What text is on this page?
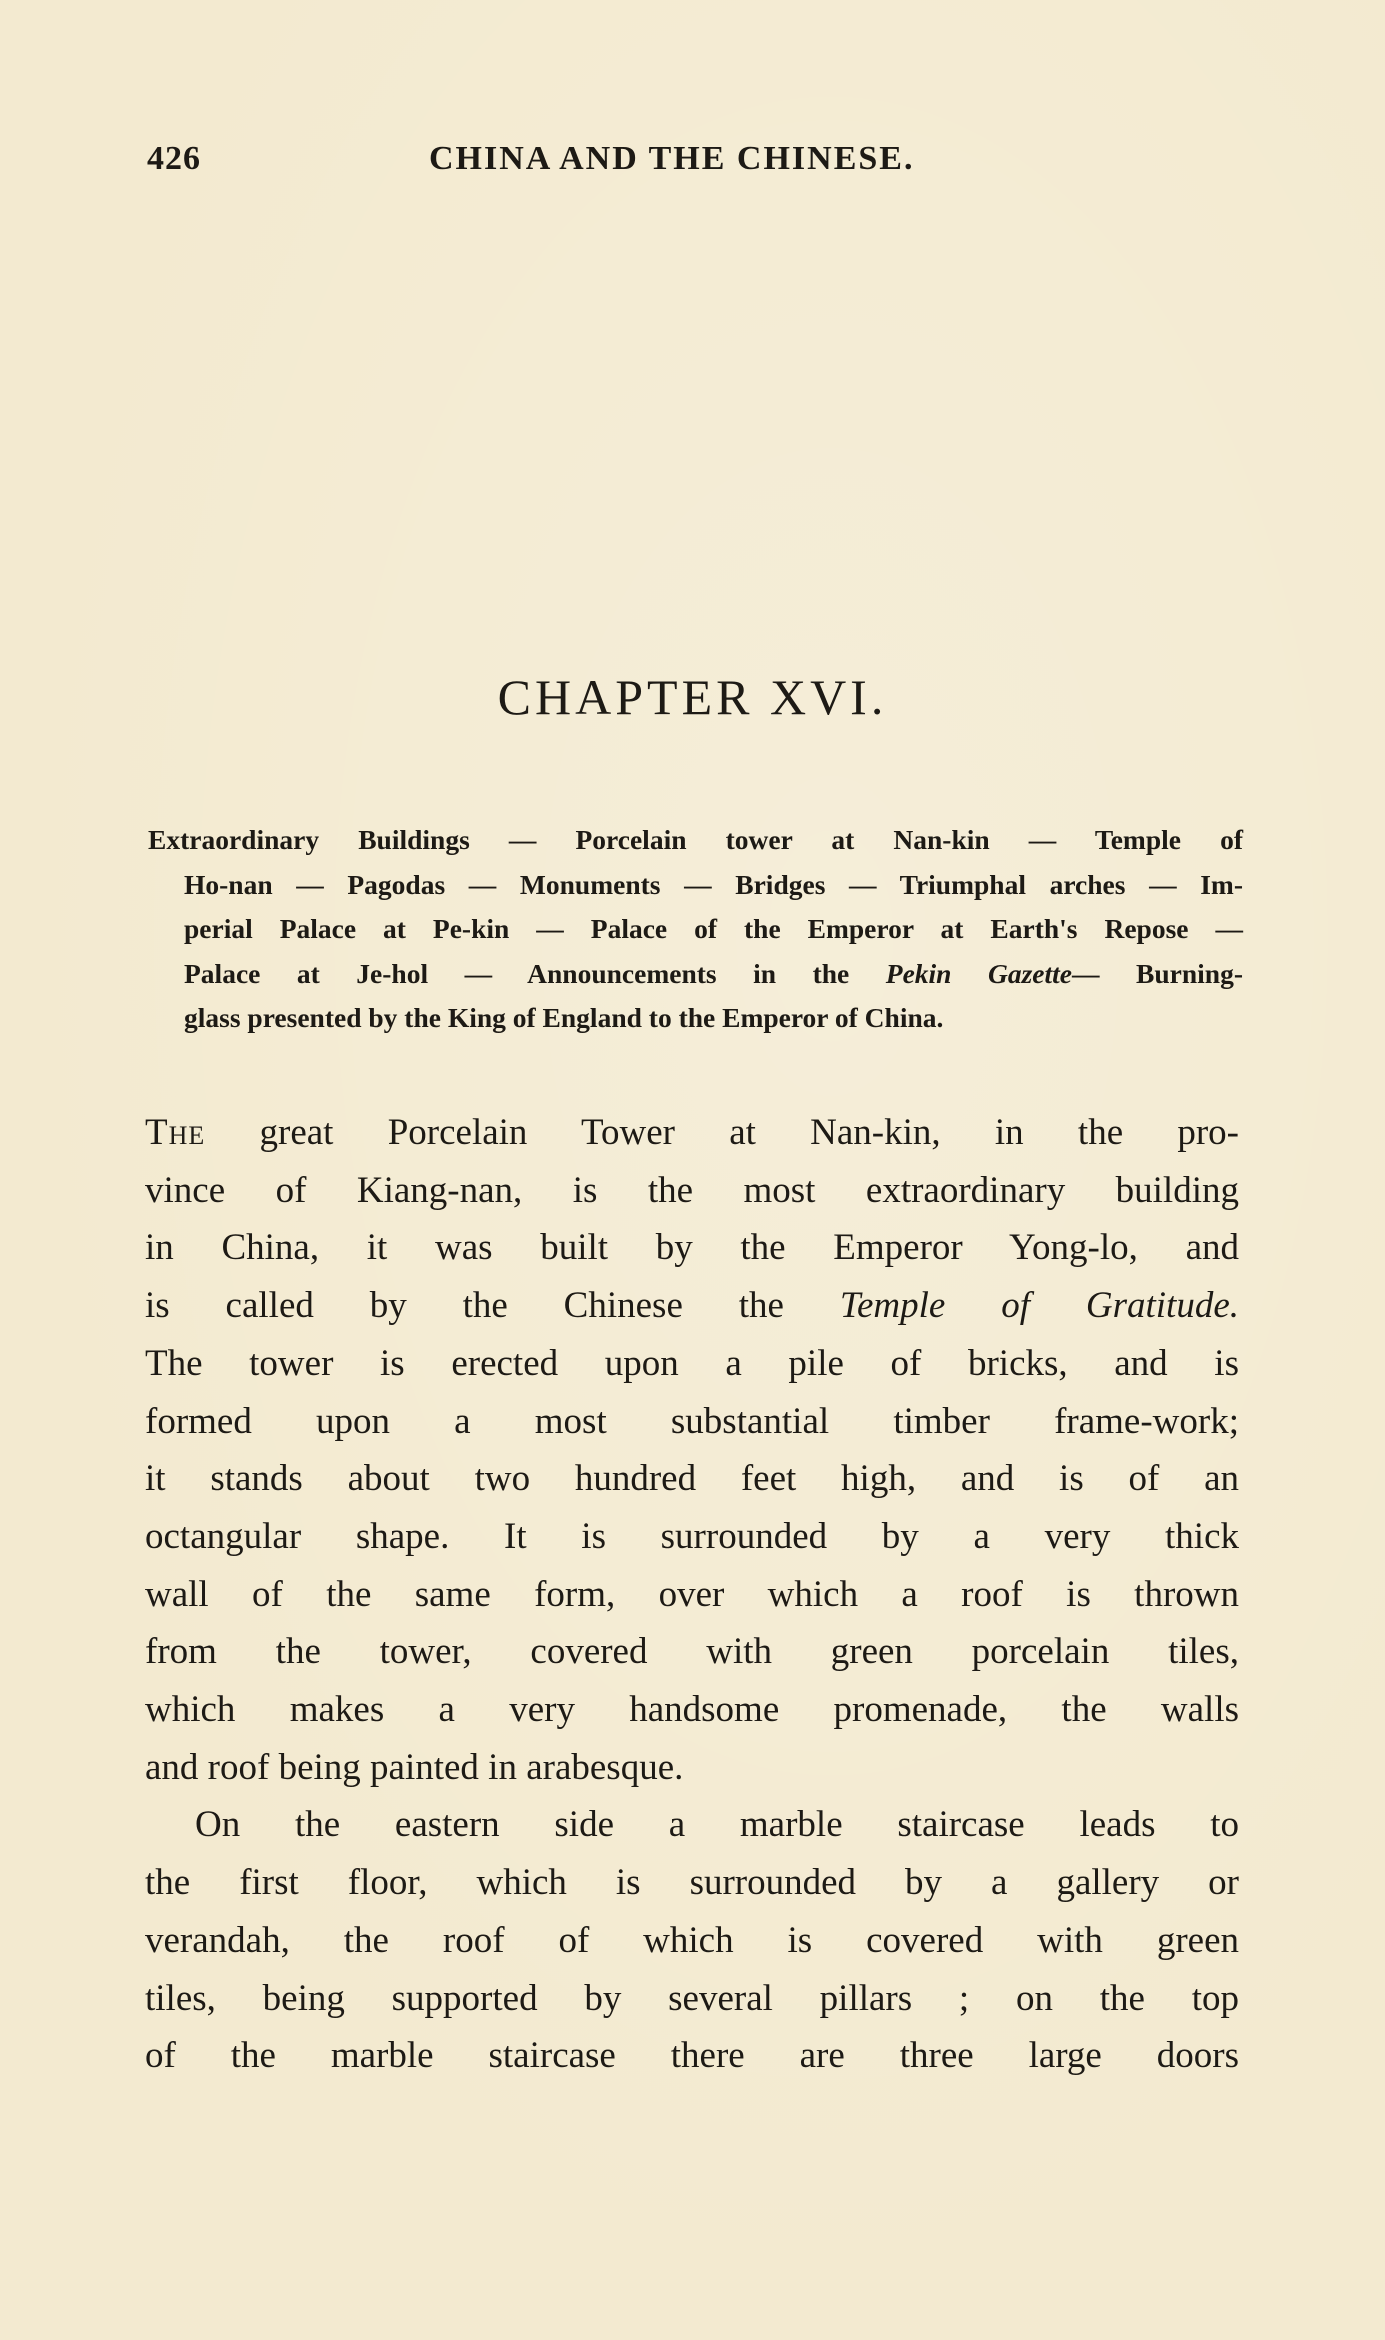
426	CHINA AND THE CHINESE.
CHAPTER XVI.
Extraordinary Buildings — Porcelain tower at Nan-kin — Temple of
Ho-nan — Pagodas — Monuments — Bridges — Triumphal arches — Im-
perial Palace at Pe-kin — Palace of the Emperor at Earth's Repose —
Palace at Je-hol — Announcements in the Pekin Gazette— Burning-
glass presented by the King of England to the Emperor of China.
The great Porcelain Tower at Nan-kin, in the pro-
vince of Kiang-nan, is the most extraordinary building
in China, it was built by the Emperor Yong-lo, and
is called by the Chinese the Temple of Gratitude.
The tower is erected upon a pile of bricks, and is
formed upon a most substantial timber frame-work;
it stands about two hundred feet high, and is of an
octangular shape. It is surrounded by a very thick
wall of the same form, over which a roof is thrown
from the tower, covered with green porcelain tiles,
which makes a very handsome promenade, the walls
and roof being painted in arabesque.
On the eastern side a marble staircase leads to
the first floor, which is surrounded by a gallery or
verandah, the roof of which is covered with green
tiles, being supported by several pillars ; on the top
of the marble staircase there are three large doors
